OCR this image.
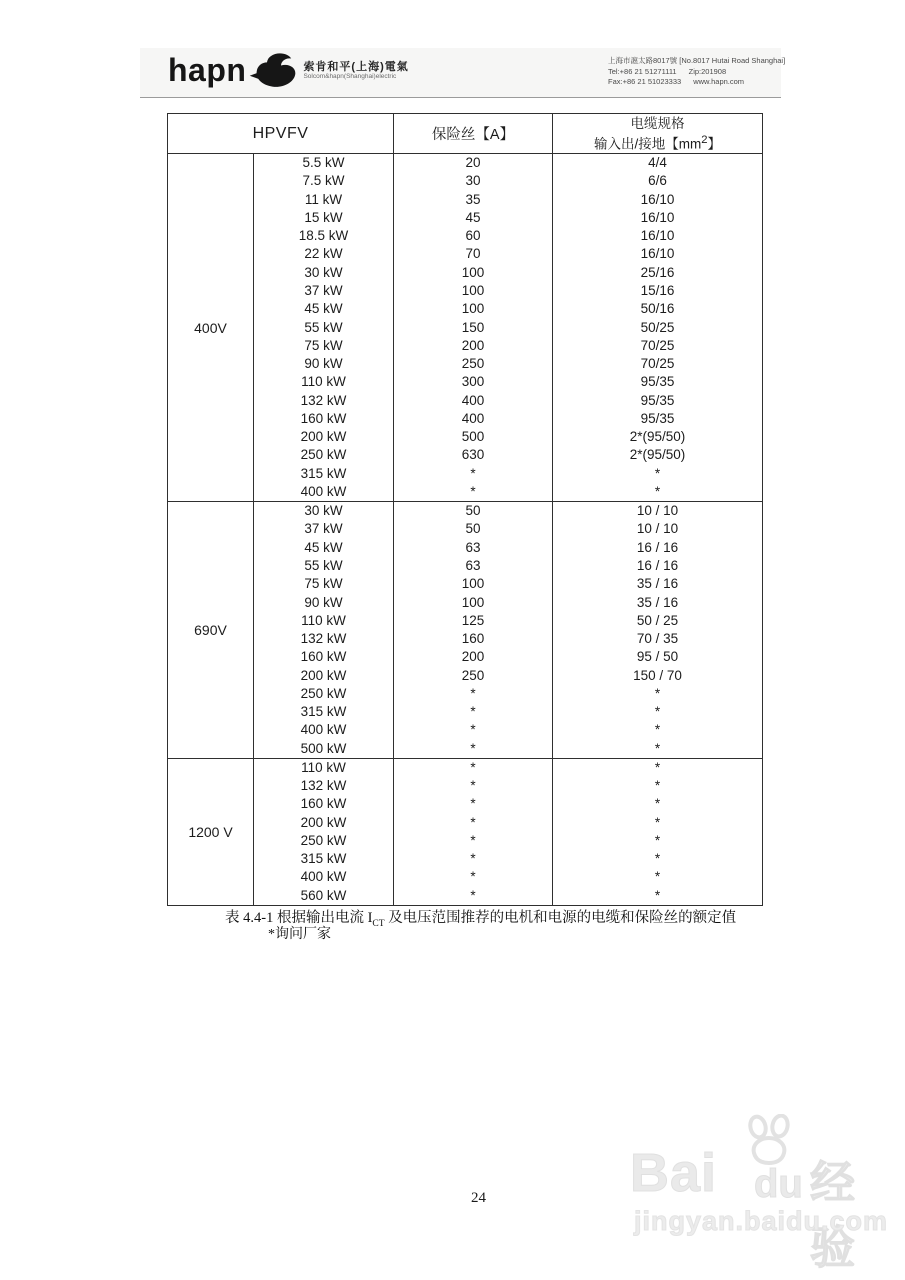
hapn	索肯和平(上海)電氣
Solcom&hapn(Shanghai)electric
上海市滬太路8017號 [No.8017 Hutai Road Shanghai]
Tel:+86 21 51271111 Zip:201908
Fax:+86 21 51023333 www.hapn.com
HPVFV		保险丝【A】	电缆规格
输入出/接地【$mm^2$】

400V	5.5 kW	20	4/4
	7.5 kW	30	6/6
	11 kW	35	16/10
	15 kW	45	16/10
	18.5 kW	60	16/10
	22 kW	70	16/10
	30 kW	100	25/16
	37 kW	100	15/16
	45 kW	100	50/16
	55 kW	150	50/25
	75 kW	200	70/25
	90 kW	250	70/25
	110 kW	300	95/35
	132 kW	400	95/35
	160 kW	400	95/35
	200 kW	500	2*(95/50)
	250 kW	630	2*(95/50)
	315 kW	*	*
	400 kW	*	*
690V	30 kW	50	10 / 10
	37 kW	50	10 / 10
	45 kW	63	16 / 16
	55 kW	63	16 / 16
	75 kW	100	35 / 16
	90 kW	100	35 / 16
	110 kW	125	50 / 25
	132 kW	160	70 / 35
	160 kW	200	95 / 50
	200 kW	250	150 / 70
	250 kW	*	*
	315 kW	*	*
	400 kW	*	*
	500 kW	*	*
1200 V	110 kW	*	*
	132 kW	*	*
	160 kW	*	*
	200 kW	*	*
	250 kW	*	*
	315 kW	*	*
	400 kW	*	*
	560 kW	*	*
表 4.4-1 根据输出电流 $I_{CT}$ 及电压范围推荐的电机和电源的电缆和保险丝的额定值
*询问厂家
24	Bai du 经验
jingyan.baidu.com
